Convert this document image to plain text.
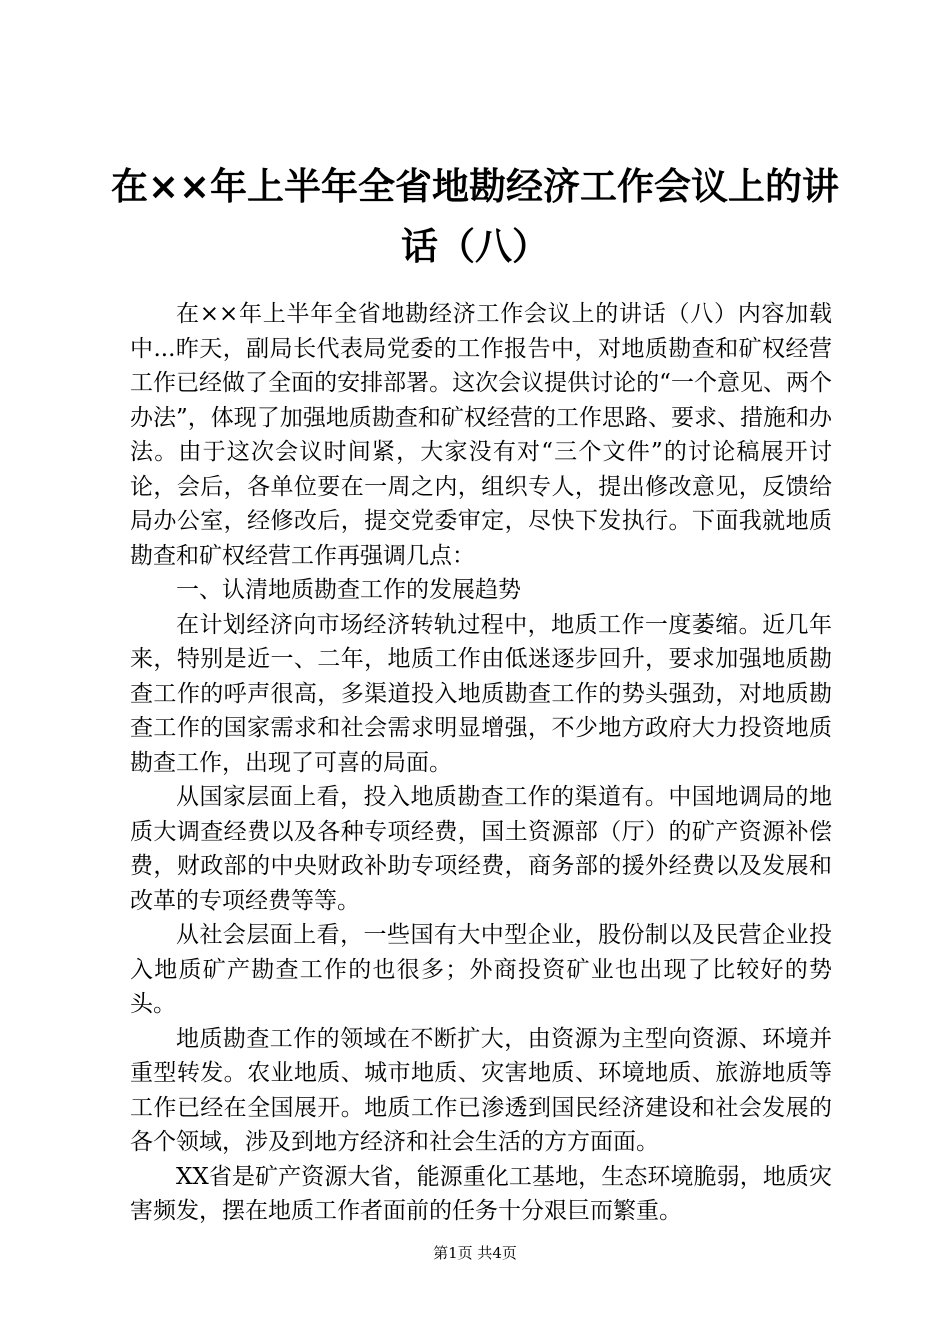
在××年上半年全省地勘经济工作会议上的讲话（八）

在××年上半年全省地勘经济工作会议上的讲话（八）内容加载中...昨天，副局长代表局党委的工作报告中，对地质勘查和矿权经营工作已经做了全面的安排部署。这次会议提供讨论的“一个意见、两个办法”，体现了加强地质勘查和矿权经营的工作思路、要求、措施和办法。由于这次会议时间紧，大家没有对“三个文件”的讨论稿展开讨论，会后，各单位要在一周之内，组织专人，提出修改意见，反馈给局办公室，经修改后，提交党委审定，尽快下发执行。下面我就地质勘查和矿权经营工作再强调几点：

一、认清地质勘查工作的发展趋势

在计划经济向市场经济转轨过程中，地质工作一度萎缩。近几年来，特别是近一、二年，地质工作由低迷逐步回升，要求加强地质勘查工作的呼声很高，多渠道投入地质勘查工作的势头强劲，对地质勘查工作的国家需求和社会需求明显增强，不少地方政府大力投资地质勘查工作，出现了可喜的局面。

从国家层面上看，投入地质勘查工作的渠道有。中国地调局的地质大调查经费以及各种专项经费，国土资源部（厅）的矿产资源补偿费，财政部的中央财政补助专项经费，商务部的援外经费以及发展和改革的专项经费等等。

从社会层面上看，一些国有大中型企业，股份制以及民营企业投入地质矿产勘查工作的也很多；外商投资矿业也出现了比较好的势头。

地质勘查工作的领域在不断扩大，由资源为主型向资源、环境并重型转发。农业地质、城市地质、灾害地质、环境地质、旅游地质等工作已经在全国展开。地质工作已渗透到国民经济建设和社会发展的各个领域，涉及到地方经济和社会生活的方方面面。

XX省是矿产资源大省，能源重化工基地，生态环境脆弱，地质灾害频发，摆在地质工作者面前的任务十分艰巨而繁重。

第1页 共4页
